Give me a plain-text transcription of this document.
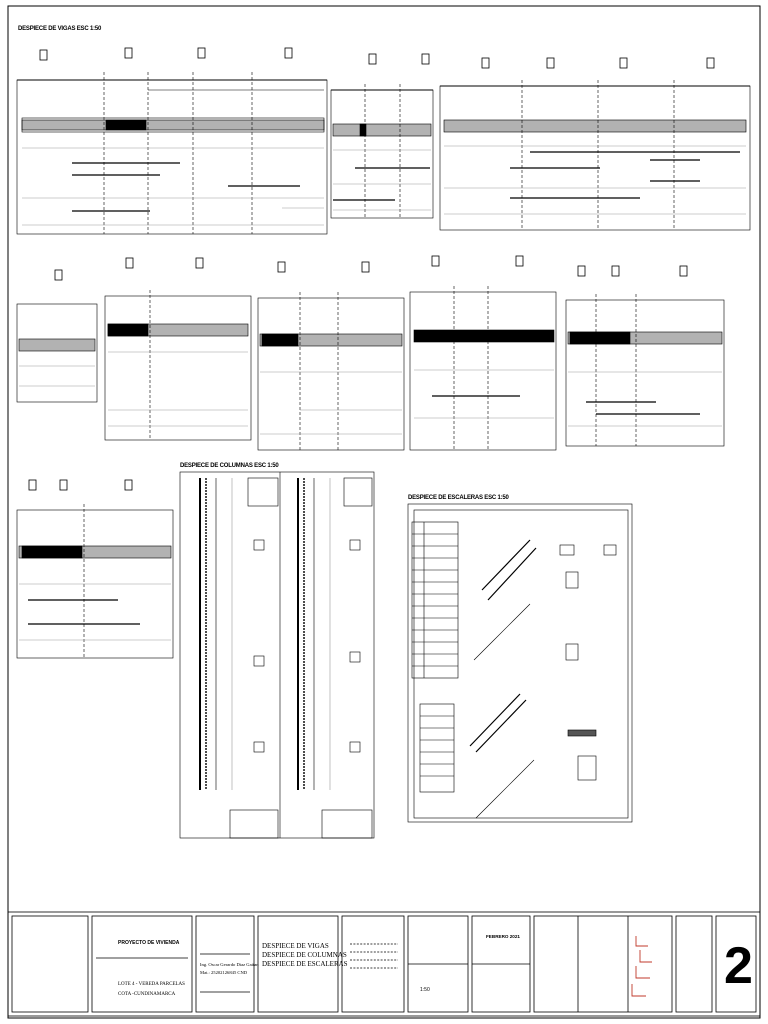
DESPIECE DE VIGAS ESC 1:50
DESPIECE DE COLUMNAS ESC 1:50
DESPIECE DE ESCALERAS ESC 1:50
PROYECTO DE VIVIENDA
LOTE 4 - VEREDA PARCELAS
COTA -CUNDINAMARCA
Ing. Oscar Gerardo Diaz Gaitan
Mat.: 25202126845 CND
DESPIECE DE VIGAS
DESPIECE DE COLUMNAS
DESPIECE DE ESCALERAS
1:50
FEBRERO 2021
2
